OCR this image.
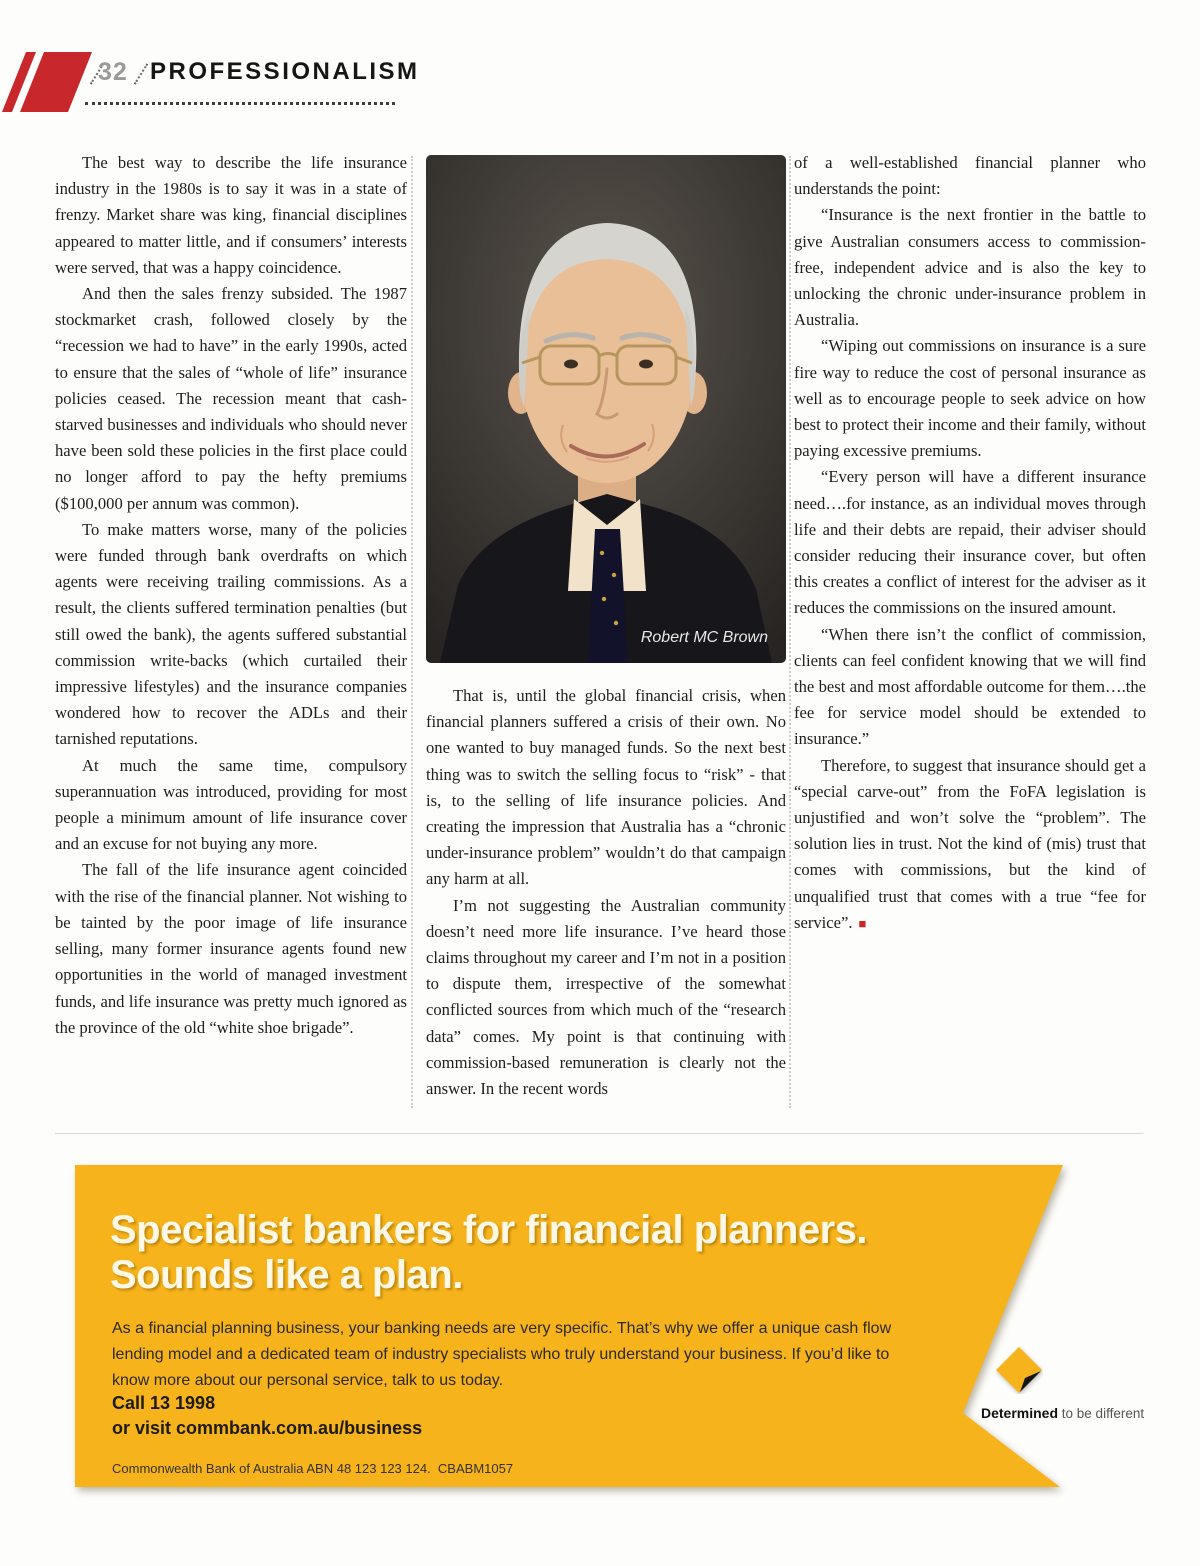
32 PROFESSIONALISM

The best way to describe the life insurance industry in the 1980s is to say it was in a state of frenzy. Market share was king, financial disciplines appeared to matter little, and if consumers’ interests were served, that was a happy coincidence.

And then the sales frenzy subsided. The 1987 stockmarket crash, followed closely by the “recession we had to have” in the early 1990s, acted to ensure that the sales of “whole of life” insurance policies ceased. The recession meant that cash-starved businesses and individuals who should never have been sold these policies in the first place could no longer afford to pay the hefty premiums ($100,000 per annum was common).

To make matters worse, many of the policies were funded through bank overdrafts on which agents were receiving trailing commissions. As a result, the clients suffered termination penalties (but still owed the bank), the agents suffered substantial commission write-backs (which curtailed their impressive lifestyles) and the insurance companies wondered how to recover the ADLs and their tarnished reputations.

At much the same time, compulsory superannuation was introduced, providing for most people a minimum amount of life insurance cover and an excuse for not buying any more.

The fall of the life insurance agent coincided with the rise of the financial planner. Not wishing to be tainted by the poor image of life insurance selling, many former insurance agents found new opportunities in the world of managed investment funds, and life insurance was pretty much ignored as the province of the old “white shoe brigade”.

Robert MC Brown

That is, until the global financial crisis, when financial planners suffered a crisis of their own. No one wanted to buy managed funds. So the next best thing was to switch the selling focus to “risk” - that is, to the selling of life insurance policies. And creating the impression that Australia has a “chronic under-insurance problem” wouldn’t do that campaign any harm at all.

I’m not suggesting the Australian community doesn’t need more life insurance. I’ve heard those claims throughout my career and I’m not in a position to dispute them, irrespective of the somewhat conflicted sources from which much of the “research data” comes. My point is that continuing with commission-based remuneration is clearly not the answer. In the recent words

of a well-established financial planner who understands the point:

“Insurance is the next frontier in the battle to give Australian consumers access to commission-free, independent advice and is also the key to unlocking the chronic under-insurance problem in Australia.

“Wiping out commissions on insurance is a sure fire way to reduce the cost of personal insurance as well as to encourage people to seek advice on how best to protect their income and their family, without paying excessive premiums.

“Every person will have a different insurance need….for instance, as an individual moves through life and their debts are repaid, their adviser should consider reducing their insurance cover, but often this creates a conflict of interest for the adviser as it reduces the commissions on the insured amount.

“When there isn’t the conflict of commission, clients can feel confident knowing that we will find the best and most affordable outcome for them….the fee for service model should be extended to insurance.”

Therefore, to suggest that insurance should get a “special carve-out” from the FoFA legislation is unjustified and won’t solve the “problem”. The solution lies in trust. Not the kind of (mis) trust that comes with commissions, but the kind of unqualified trust that comes with a true “fee for service”. ■

Specialist bankers for financial planners.
Sounds like a plan.
As a financial planning business, your banking needs are very specific. That’s why we offer a unique cash flow lending model and a dedicated team of industry specialists who truly understand your business. If you’d like to know more about our personal service, talk to us today.
Call 13 1998
or visit commbank.com.au/business
Commonwealth Bank of Australia ABN 48 123 123 124.  CBABM1057
Determined to be different
